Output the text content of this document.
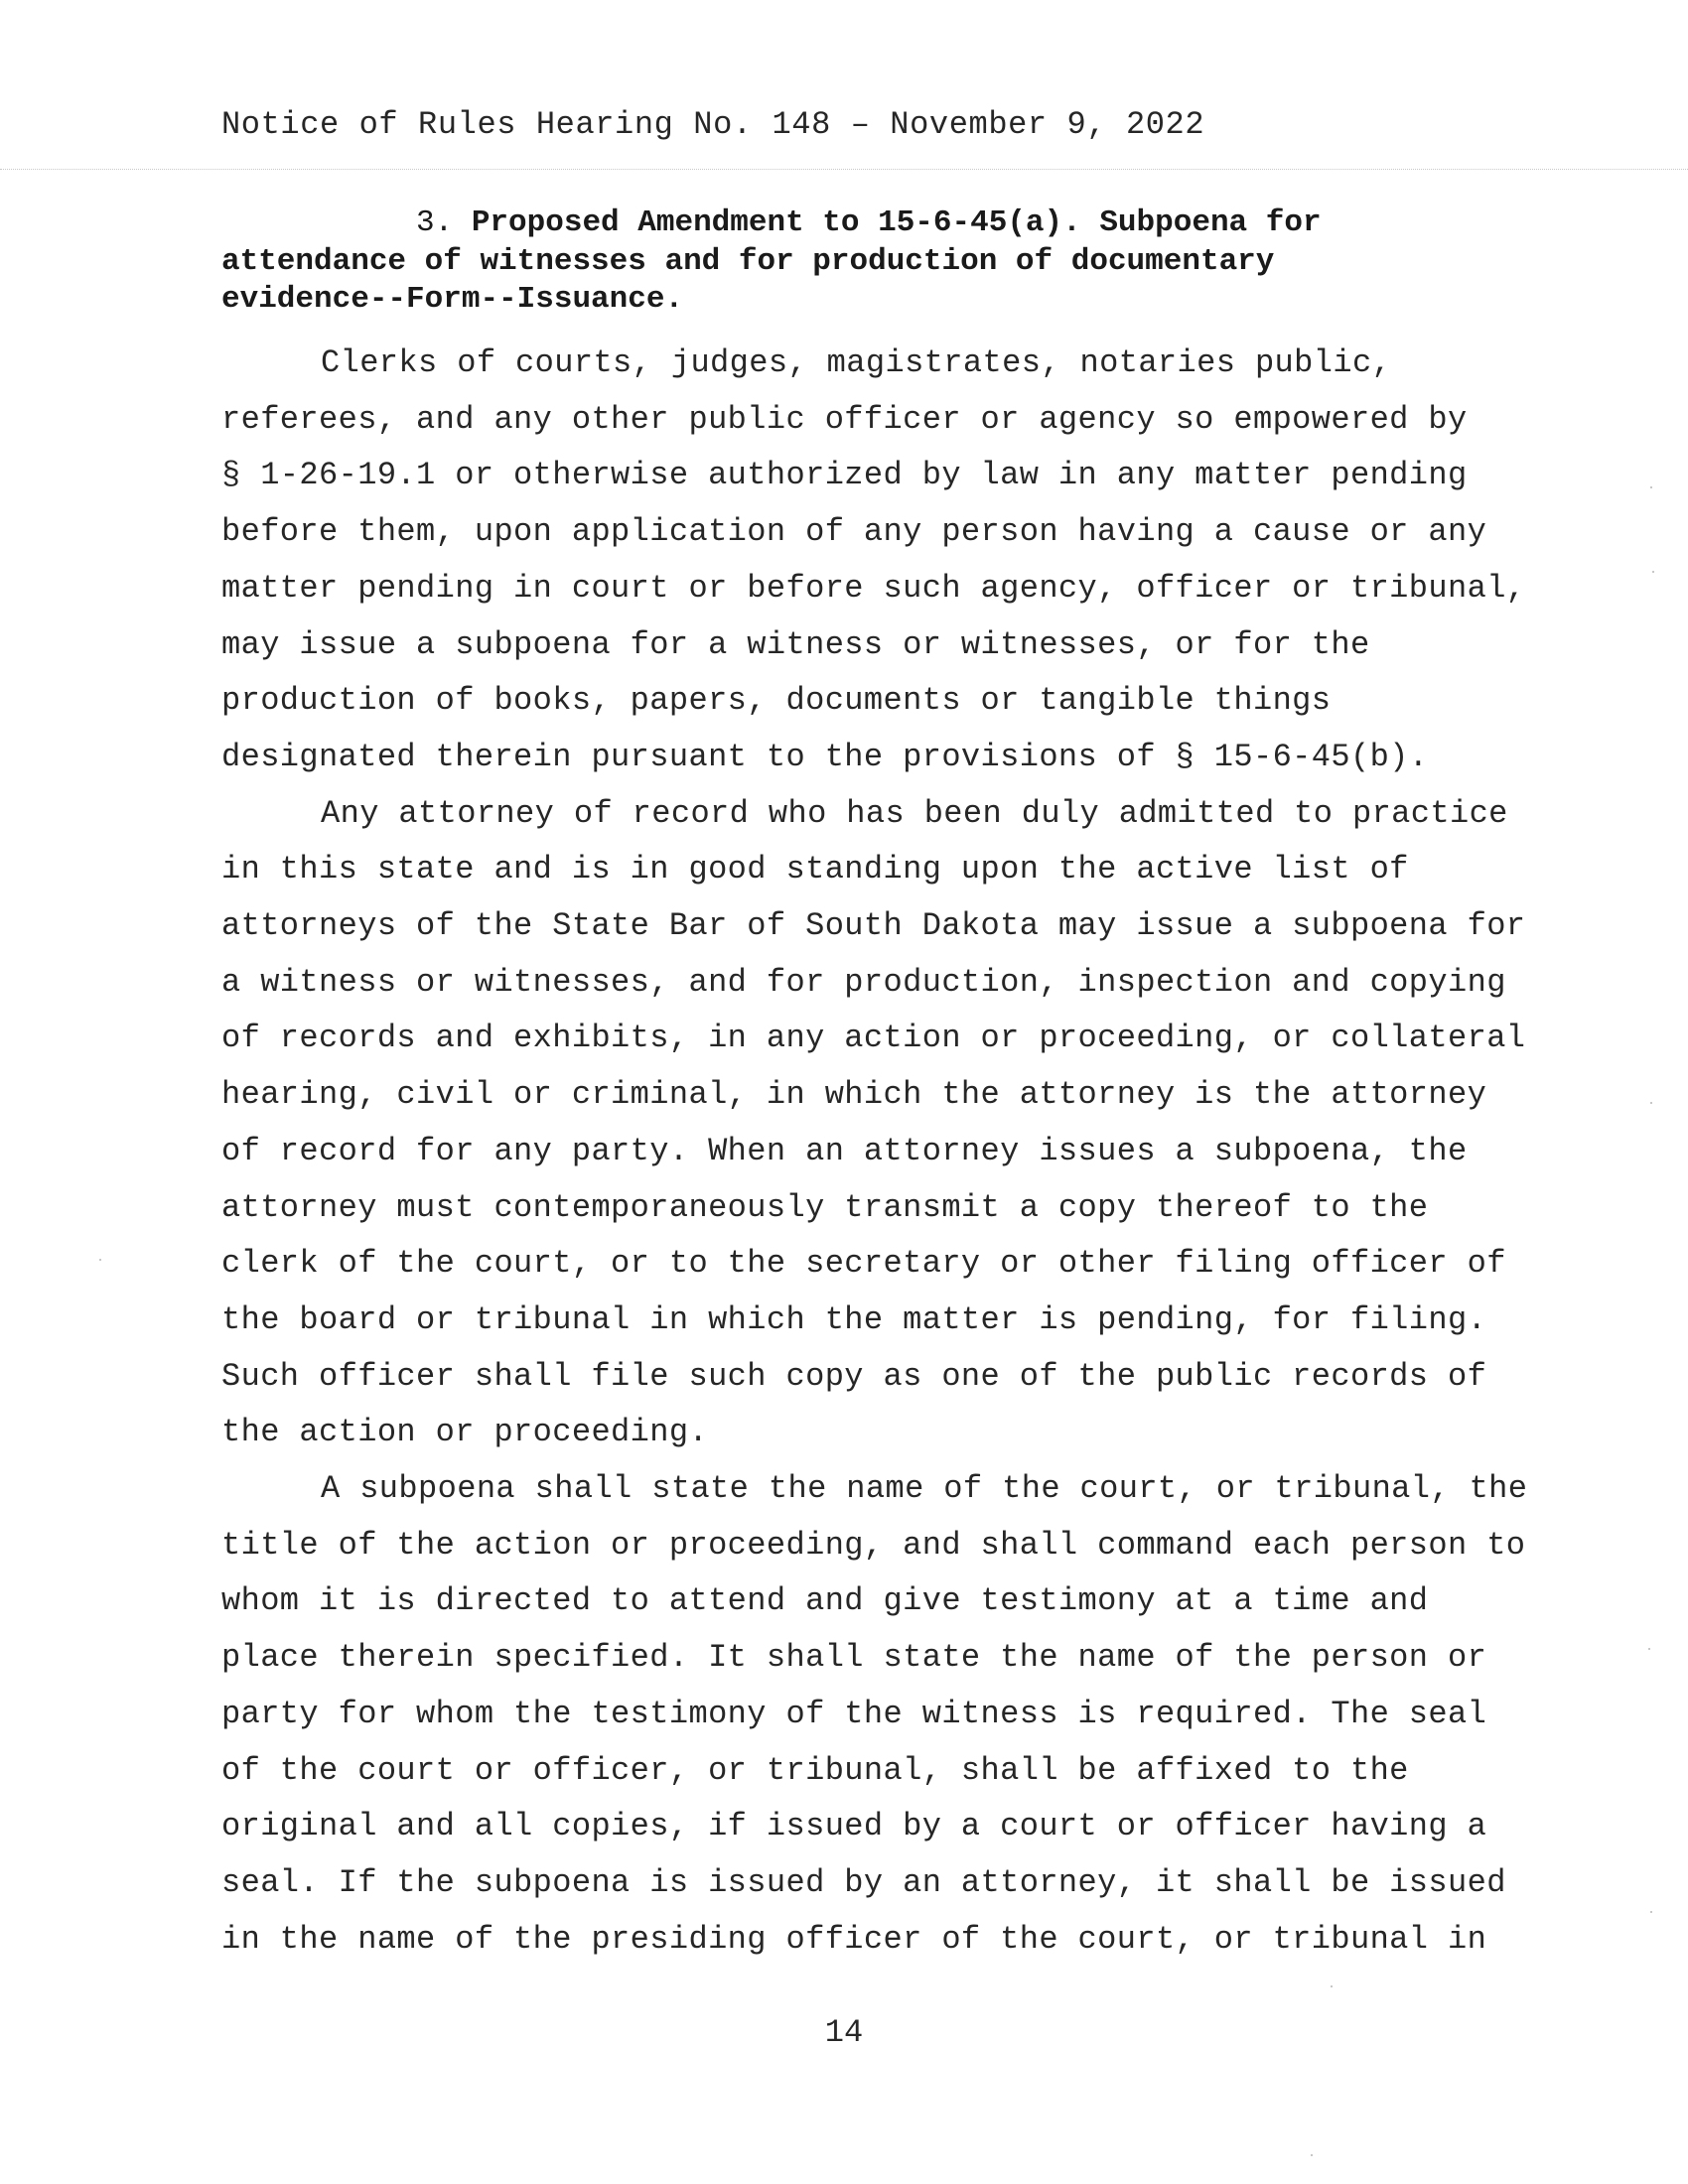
Notice of Rules Hearing No. 148 – November 9, 2022
3. Proposed Amendment to 15-6-45(a). Subpoena for
attendance of witnesses and for production of documentary
evidence--Form--Issuance.
Clerks of courts, judges, magistrates, notaries public,
referees, and any other public officer or agency so empowered by
§ 1-26-19.1 or otherwise authorized by law in any matter pending
before them, upon application of any person having a cause or any
matter pending in court or before such agency, officer or tribunal,
may issue a subpoena for a witness or witnesses, or for the
production of books, papers, documents or tangible things
designated therein pursuant to the provisions of § 15-6-45(b).
Any attorney of record who has been duly admitted to practice
in this state and is in good standing upon the active list of
attorneys of the State Bar of South Dakota may issue a subpoena for
a witness or witnesses, and for production, inspection and copying
of records and exhibits, in any action or proceeding, or collateral
hearing, civil or criminal, in which the attorney is the attorney
of record for any party. When an attorney issues a subpoena, the
attorney must contemporaneously transmit a copy thereof to the
clerk of the court, or to the secretary or other filing officer of
the board or tribunal in which the matter is pending, for filing.
Such officer shall file such copy as one of the public records of
the action or proceeding.
A subpoena shall state the name of the court, or tribunal, the
title of the action or proceeding, and shall command each person to
whom it is directed to attend and give testimony at a time and
place therein specified. It shall state the name of the person or
party for whom the testimony of the witness is required. The seal
of the court or officer, or tribunal, shall be affixed to the
original and all copies, if issued by a court or officer having a
seal. If the subpoena is issued by an attorney, it shall be issued
in the name of the presiding officer of the court, or tribunal in
14
